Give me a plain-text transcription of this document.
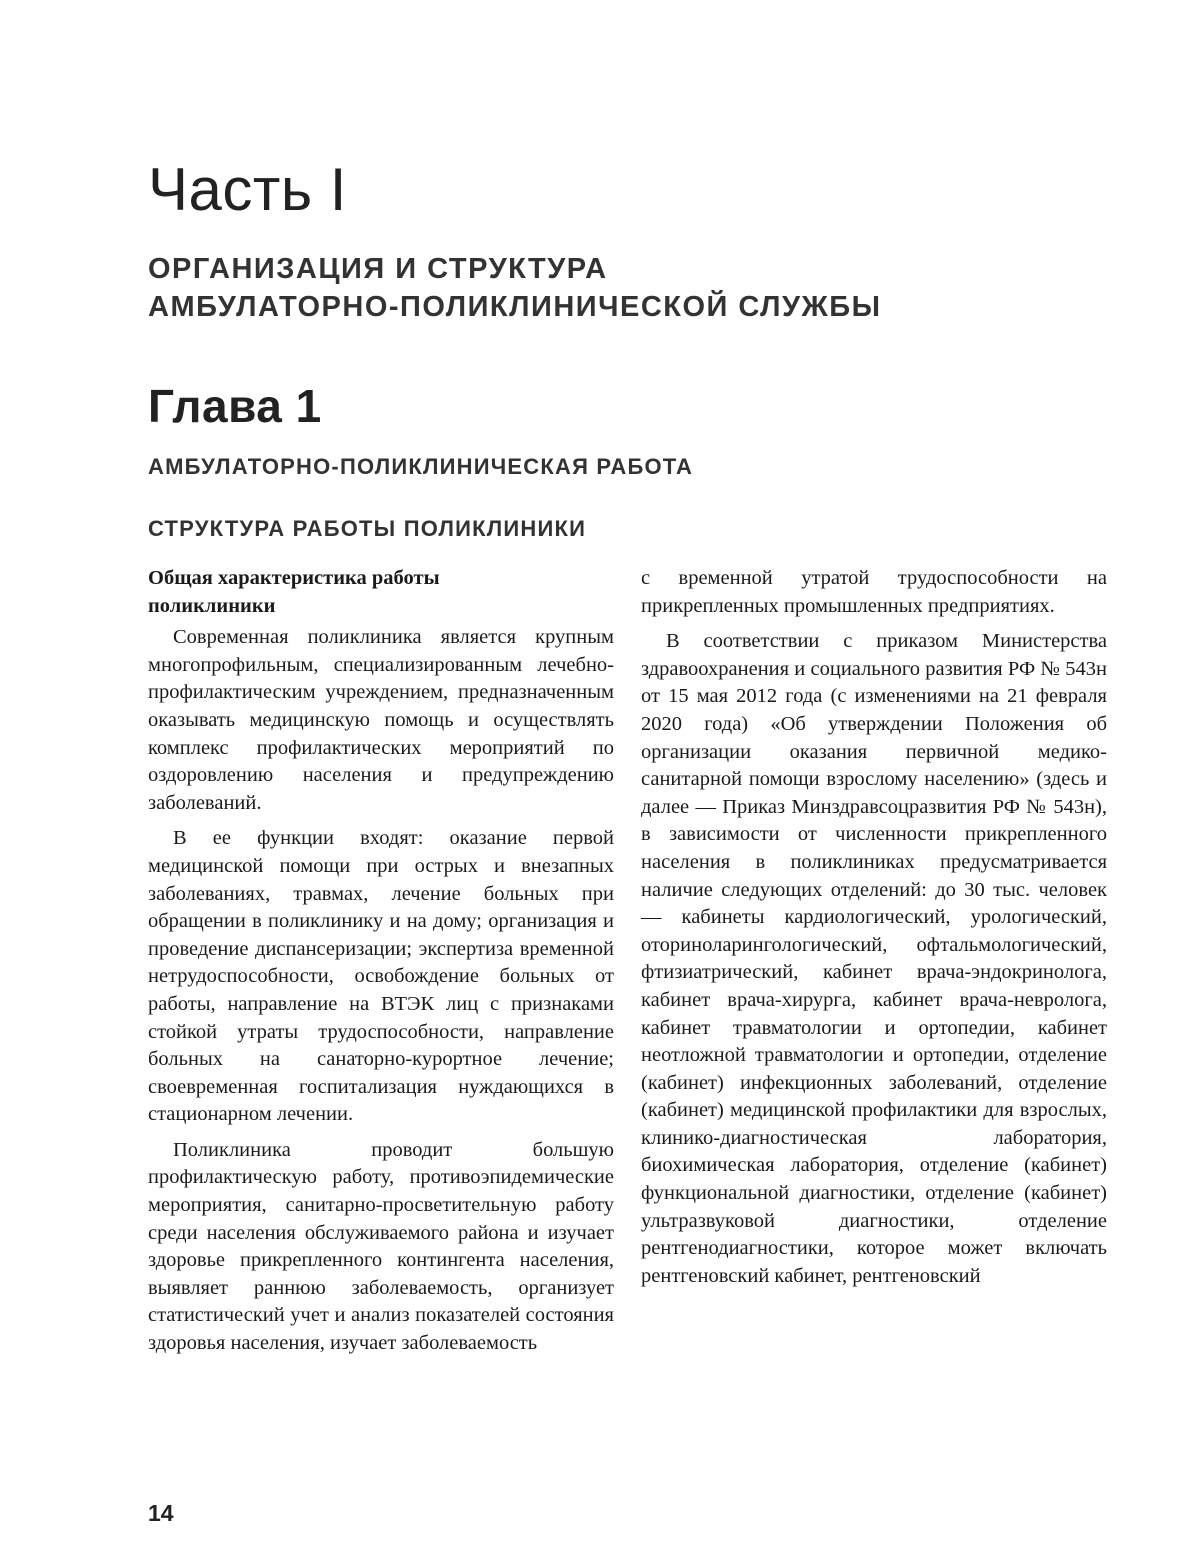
Часть I
ОРГАНИЗАЦИЯ И СТРУКТУРА
АМБУЛАТОРНО-ПОЛИКЛИНИЧЕСКОЙ СЛУЖБЫ
Глава 1
АМБУЛАТОРНО-ПОЛИКЛИНИЧЕСКАЯ РАБОТА
СТРУКТУРА РАБОТЫ ПОЛИКЛИНИКИ
Общая характеристика работы
поликлиники

Современная поликлиника является крупным многопрофильным, специализированным лечебно-профилактическим учреждением, предназначенным оказывать медицинскую помощь и осуществлять комплекс профилактических мероприятий по оздоровлению населения и предупреждению заболеваний.

В ее функции входят: оказание первой медицинской помощи при острых и внезапных заболеваниях, травмах, лечение больных при обращении в поликлинику и на дому; организация и проведение диспансеризации; экспертиза временной нетрудоспособности, освобождение больных от работы, направление на ВТЭК лиц с признаками стойкой утраты трудоспособности, направление больных на санаторно-курортное лечение; своевременная госпитализация нуждающихся в стационарном лечении.

Поликлиника проводит большую профилактическую работу, противоэпидемические мероприятия, санитарно-просветительную работу среди населения обслуживаемого района и изучает здоровье прикрепленного контингента населения, выявляет раннюю заболеваемость, организует статистический учет и анализ показателей состояния здоровья населения, изучает заболеваемость

с временной утратой трудоспособности на прикрепленных промышленных предприятиях.

В соответствии с приказом Министерства здравоохранения и социального развития РФ № 543н от 15 мая 2012 года (с изменениями на 21 февраля 2020 года) «Об утверждении Положения об организации оказания первичной медико-санитарной помощи взрослому населению» (здесь и далее — Приказ Минздравсоцразвития РФ № 543н), в зависимости от численности прикрепленного населения в поликлиниках предусматривается наличие следующих отделений: до 30 тыс. человек — кабинеты кардиологический, урологический, оториноларингологический, офтальмологический, фтизиатрический, кабинет врача-эндокринолога, кабинет врача-хирурга, кабинет врача-невролога, кабинет травматологии и ортопедии, кабинет неотложной травматологии и ортопедии, отделение (кабинет) инфекционных заболеваний, отделение (кабинет) медицинской профилактики для взрослых, клинико-диагностическая лаборатория, биохимическая лаборатория, отделение (кабинет) функциональной диагностики, отделение (кабинет) ультразвуковой диагностики, отделение рентгенодиагностики, которое может включать рентгеновский кабинет, рентгеновский

14
